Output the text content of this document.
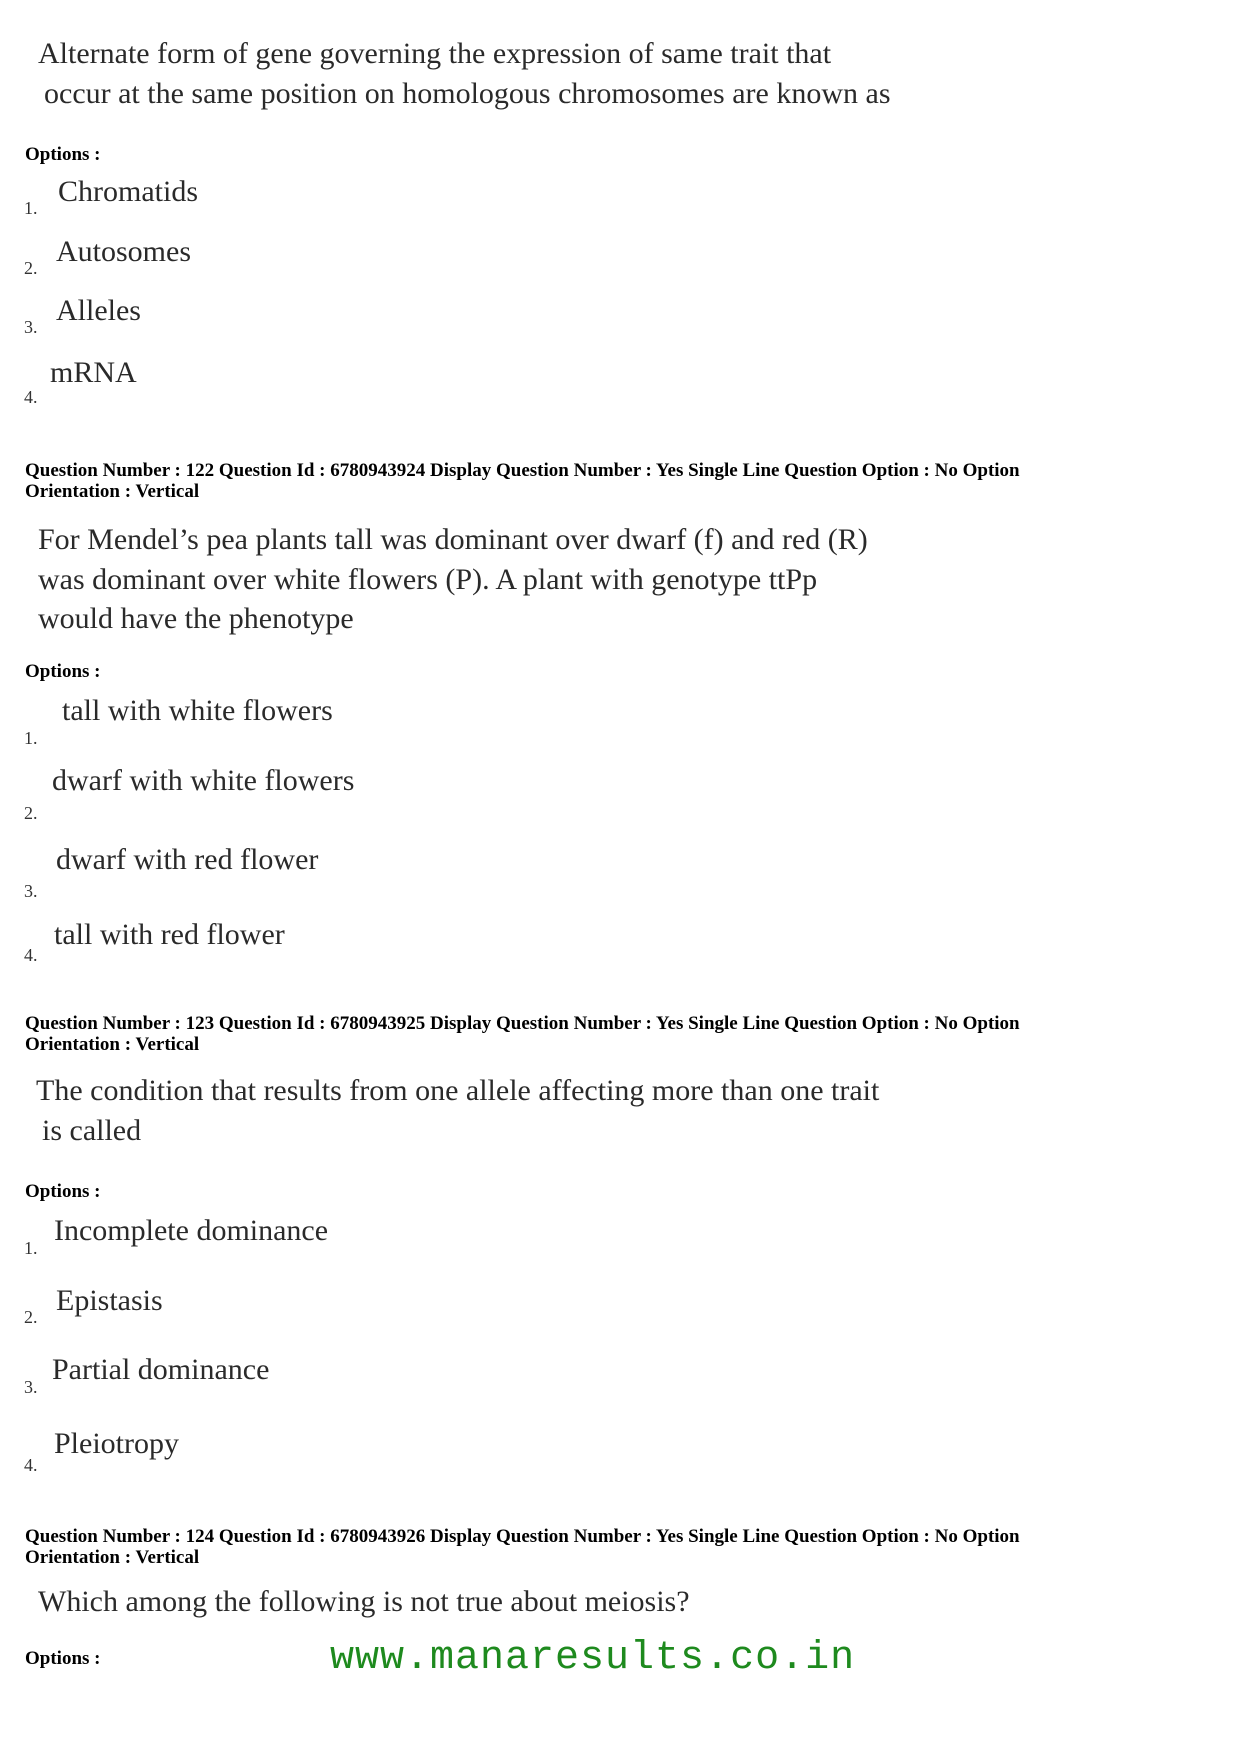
Alternate form of gene governing the expression of same trait that
occur at the same position on homologous chromosomes are known as
Options :
1. Chromatids
2. Autosomes
3. Alleles
4.
mRNA
Question Number : 122 Question Id : 6780943924 Display Question Number : Yes Single Line Question Option : No Option
Orientation : Vertical
For Mendel’s pea plants tall was dominant over dwarf (f) and red (R)
was dominant over white flowers (P). A plant with genotype ttPp
would have the phenotype
Options :
1.
tall with white flowers
2.
dwarf with white flowers
3.
dwarf with red flower
4.
tall with red flower
Question Number : 123 Question Id : 6780943925 Display Question Number : Yes Single Line Question Option : No Option
Orientation : Vertical
The condition that results from one allele affecting more than one trait
is called
Options :
1.
Incomplete dominance
2. Epistasis
3.
Partial dominance
4.
Pleiotropy
Question Number : 124 Question Id : 6780943926 Display Question Number : Yes Single Line Question Option : No Option
Orientation : Vertical
Which among the following is not true about meiosis?
Options :	www.manaresults.co.in
